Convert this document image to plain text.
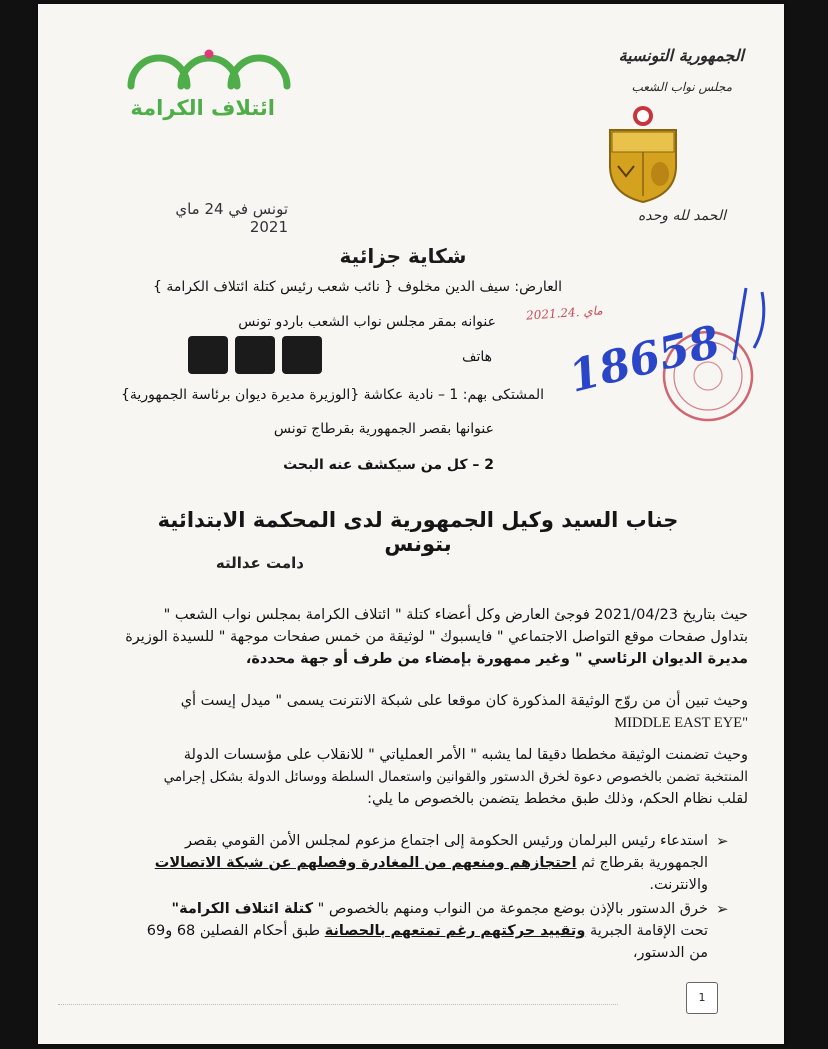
ائتلاف الكرامة
الجمهورية التونسية
مجلس نواب الشعب
الحمد لله وحده
تونس في 24 ماي 2021
شكاية جزائية
العارض: سيف الدين مخلوف { نائب شعب رئيس كتلة ائتلاف الكرامة }
عنوانه بمقر مجلس نواب الشعب باردو تونس
هاتف
المشتكى بهم: 1 – نادية عكاشة {الوزيرة مديرة ديوان برئاسة الجمهورية}
عنوانها بقصر الجمهورية بقرطاج تونس
2 – كل من سيكشف عنه البحث
2021.ماي .24
18658
جناب السيد وكيل الجمهورية لدى المحكمة الابتدائية بتونس
دامت عدالته
حيث بتاريخ 2021/04/23 فوجئ العارض وكل أعضاء كتلة " ائتلاف الكرامة بمجلس نواب الشعب "
بتداول صفحات موقع التواصل الاجتماعي " فايسبوك " لوثيقة من خمس صفحات موجهة " للسيدة الوزيرة
مديرة الديوان الرئاسي " وغير ممهورة بإمضاء من طرف أو جهة محددة،
وحيث تبين أن من روّج الوثيقة المذكورة كان موقعا على شبكة الانترنت يسمى " ميدل إيست أي
"MIDDLE EAST EYE
وحيث تضمنت الوثيقة مخططا دقيقا لما يشبه " الأمر العملياتي " للانقلاب على مؤسسات الدولة
المنتخبة تضمن بالخصوص دعوة لخرق الدستور والقوانين واستعمال السلطة ووسائل الدولة بشكل إجرامي
لقلب نظام الحكم، وذلك طبق مخطط يتضمن بالخصوص ما يلي:
➢
استدعاء رئيس البرلمان ورئيس الحكومة إلى اجتماع مزعوم لمجلس الأمن القومي بقصر
الجمهورية بقرطاج ثم احتجازهم ومنعهم من المغادرة وفصلهم عن شبكة الاتصالات
والانترنت.
➢
خرق الدستور بالإذن بوضع مجموعة من النواب ومنهم بالخصوص " كتلة ائتلاف الكرامة"
تحت الإقامة الجبرية وتقييد حركتهم رغم تمتعهم بالحصانة طبق أحكام الفصلين 68 و69
من الدستور،
1
